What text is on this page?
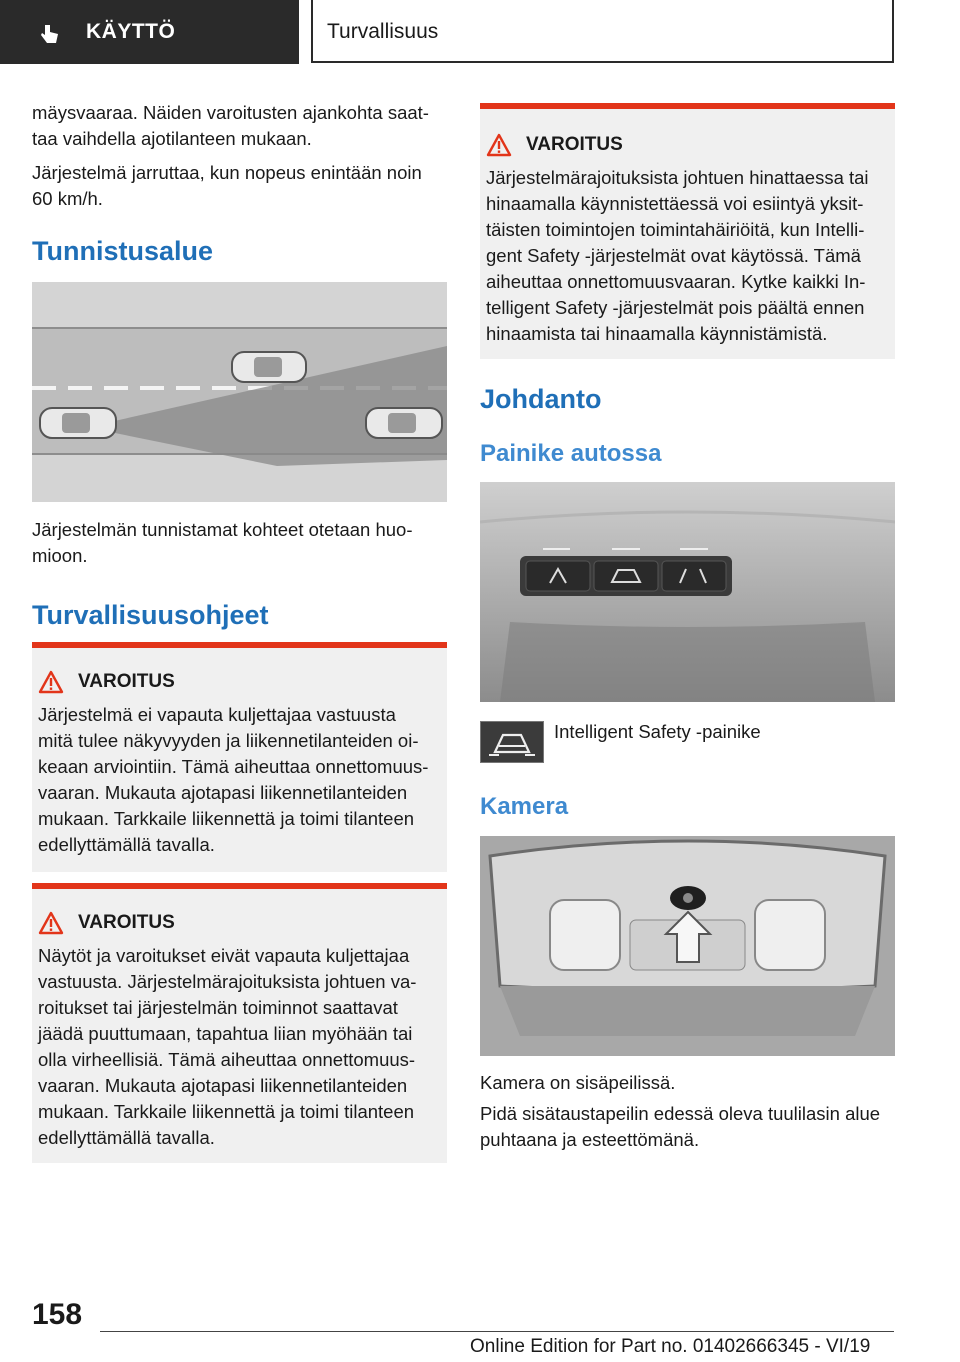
KÄYTTÖ	Turvallisuus

mäysvaaraa. Näiden varoitusten ajankohta saat-taa vaihdella ajotilanteen mukaan.

Järjestelmä jarruttaa, kun nopeus enintään noin 60 km/h.

Tunnistusalue

Järjestelmän tunnistamat kohteet otetaan huo-mioon.

Turvallisuusohjeet
VAROITUS
Järjestelmä ei vapauta kuljettajaa vastuusta mitä tulee näkyvyyden ja liikennetilanteiden oi-keaan arviointiin. Tämä aiheuttaa onnettomuus-vaaran. Mukauta ajotapasi liikennetilanteiden mukaan. Tarkkaile liikennettä ja toimi tilanteen edellyttämällä tavalla.
VAROITUS
Näytöt ja varoitukset eivät vapauta kuljettajaa vastuusta. Järjestelmärajoituksista johtuen va-roitukset tai järjestelmän toiminnot saattavat jäädä puuttumaan, tapahtua liian myöhään tai olla virheellisiä. Tämä aiheuttaa onnettomuus-vaaran. Mukauta ajotapasi liikennetilanteiden mukaan. Tarkkaile liikennettä ja toimi tilanteen edellyttämällä tavalla.
VAROITUS
Järjestelmärajoituksista johtuen hinattaessa tai hinaamalla käynnistettäessä voi esiintyä yksit-täisten toimintojen toimintahäiriöitä, kun Intelli-gent Safety -järjestelmät ovat käytössä. Tämä aiheuttaa onnettomuusvaaran. Kytke kaikki In-telligent Safety -järjestelmät pois päältä ennen hinaamista tai hinaamalla käynnistämistä.
Johdanto
Painike autossa

Intelligent Safety -painike

Kamera

Kamera on sisäpeilissä.

Pidä sisätaustapeilin edessä oleva tuulilasin alue puhtaana ja esteettömänä.

158
Online Edition for Part no. 01402666345 - VI/19
